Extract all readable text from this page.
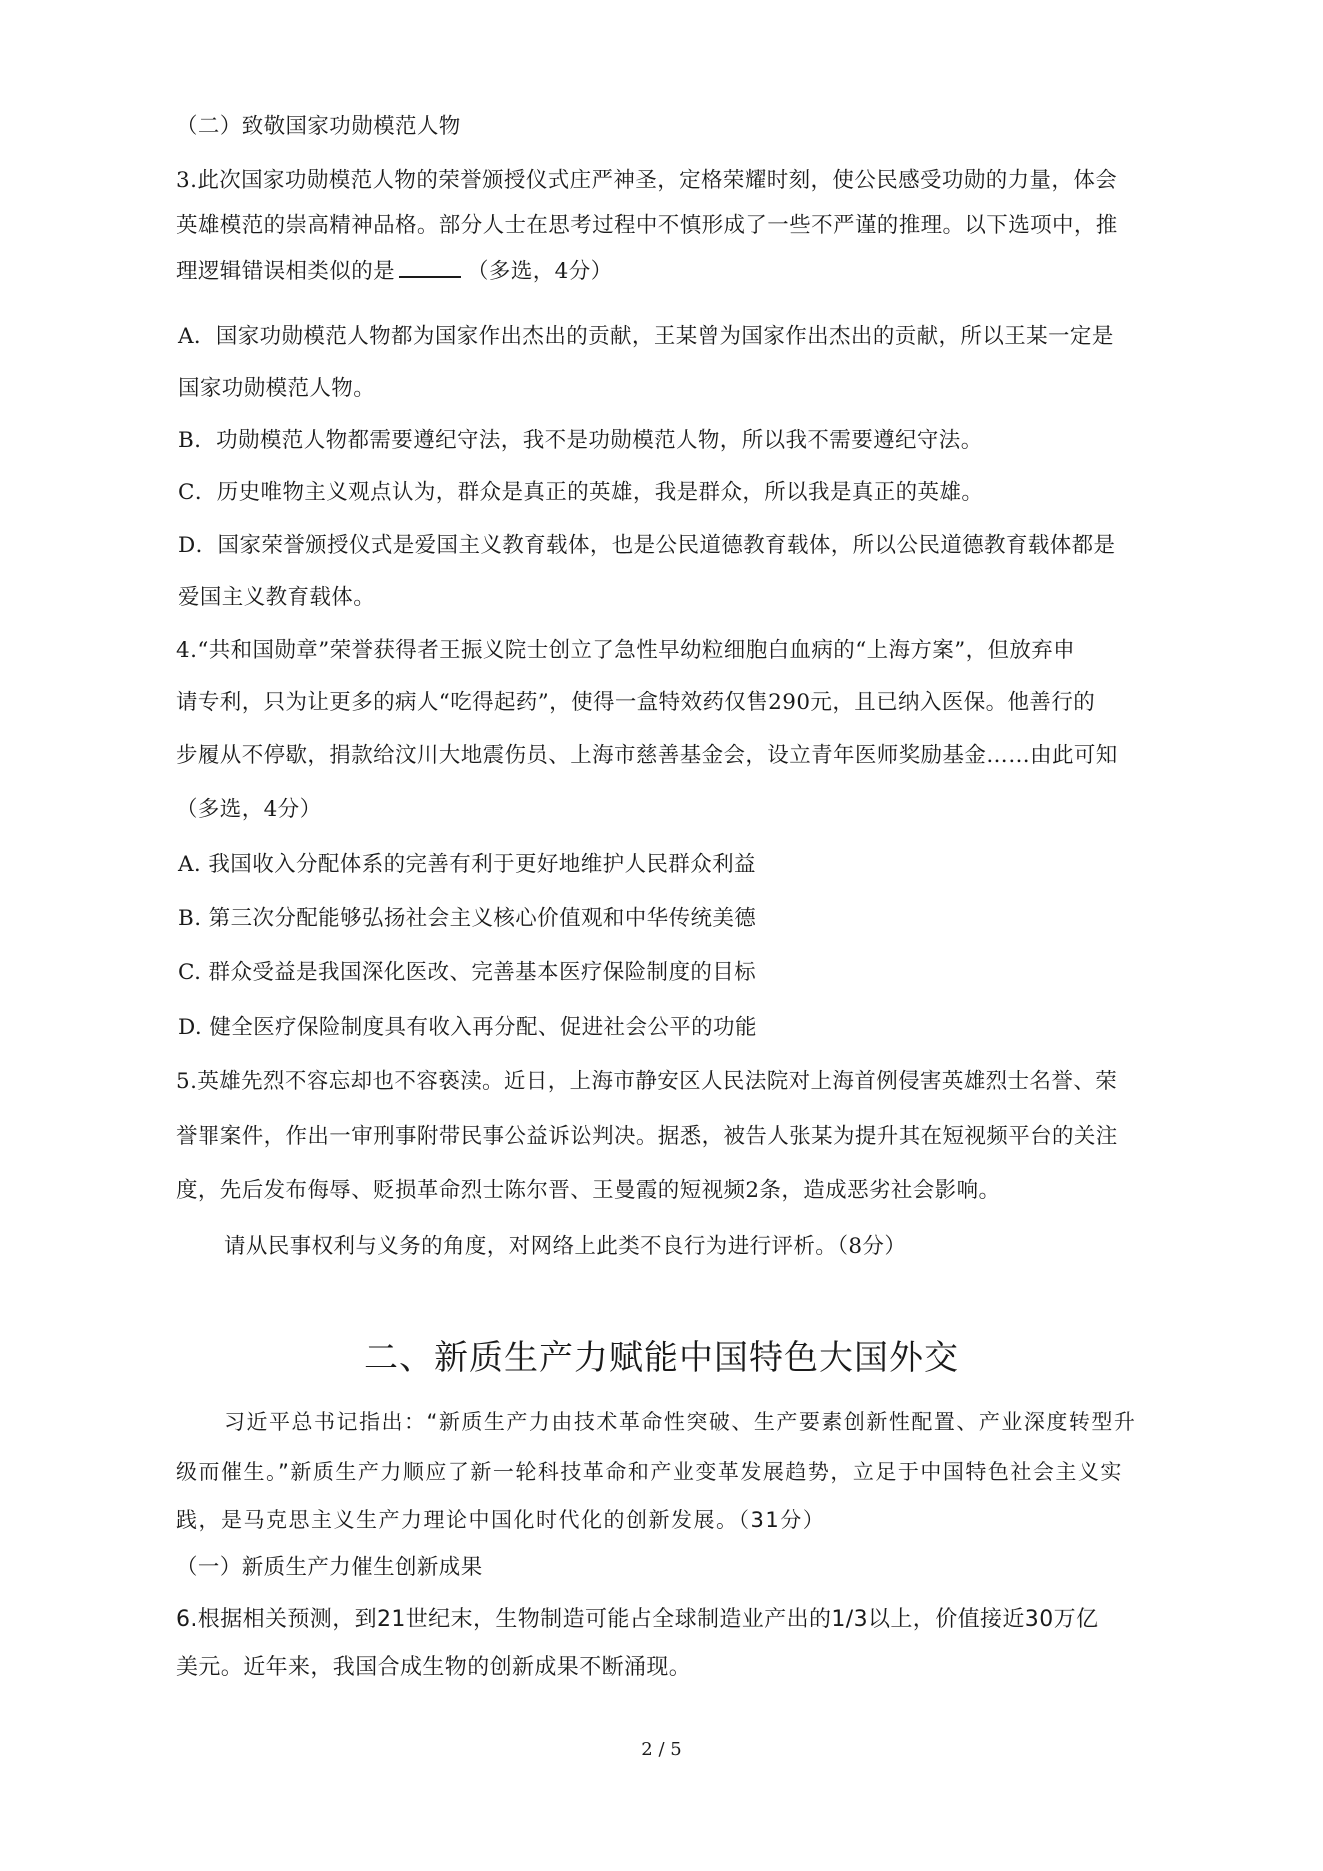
（二）致敬国家功勋模范人物
3.此次国家功勋模范人物的荣誉颁授仪式庄严神圣，定格荣耀时刻，使公民感受功勋的力量，体会
英雄模范的崇高精神品格。部分人士在思考过程中不慎形成了一些不严谨的推理。以下选项中，推
理逻辑错误相类似的是	（多选，4分）
A．国家功勋模范人物都为国家作出杰出的贡献，王某曾为国家作出杰出的贡献，所以王某一定是
国家功勋模范人物。
B．功勋模范人物都需要遵纪守法，我不是功勋模范人物，所以我不需要遵纪守法。
C．历史唯物主义观点认为，群众是真正的英雄，我是群众，所以我是真正的英雄。
D．国家荣誉颁授仪式是爱国主义教育载体，也是公民道德教育载体，所以公民道德教育载体都是
爱国主义教育载体。
4.“共和国勋章”荣誉获得者王振义院士创立了急性早幼粒细胞白血病的“上海方案”，但放弃申
请专利，只为让更多的病人“吃得起药”，使得一盒特效药仅售290元，且已纳入医保。他善行的
步履从不停歇，捐款给汶川大地震伤员、上海市慈善基金会，设立青年医师奖励基金……由此可知
（多选，4分）
A. 我国收入分配体系的完善有利于更好地维护人民群众利益
B. 第三次分配能够弘扬社会主义核心价值观和中华传统美德
C. 群众受益是我国深化医改、完善基本医疗保险制度的目标
D. 健全医疗保险制度具有收入再分配、促进社会公平的功能
5.英雄先烈不容忘却也不容亵渎。近日，上海市静安区人民法院对上海首例侵害英雄烈士名誉、荣
誉罪案件，作出一审刑事附带民事公益诉讼判决。据悉，被告人张某为提升其在短视频平台的关注
度，先后发布侮辱、贬损革命烈士陈尔晋、王曼霞的短视频2条，造成恶劣社会影响。
请从民事权利与义务的角度，对网络上此类不良行为进行评析。（8分）
二、新质生产力赋能中国特色大国外交
习近平总书记指出：“新质生产力由技术革命性突破、生产要素创新性配置、产业深度转型升
级而催生。”新质生产力顺应了新一轮科技革命和产业变革发展趋势，立足于中国特色社会主义实
践，是马克思主义生产力理论中国化时代化的创新发展。（31分）
（一）新质生产力催生创新成果
6.根据相关预测，到21世纪末，生物制造可能占全球制造业产出的1/3以上，价值接近30万亿
美元。近年来，我国合成生物的创新成果不断涌现。
2 / 5
